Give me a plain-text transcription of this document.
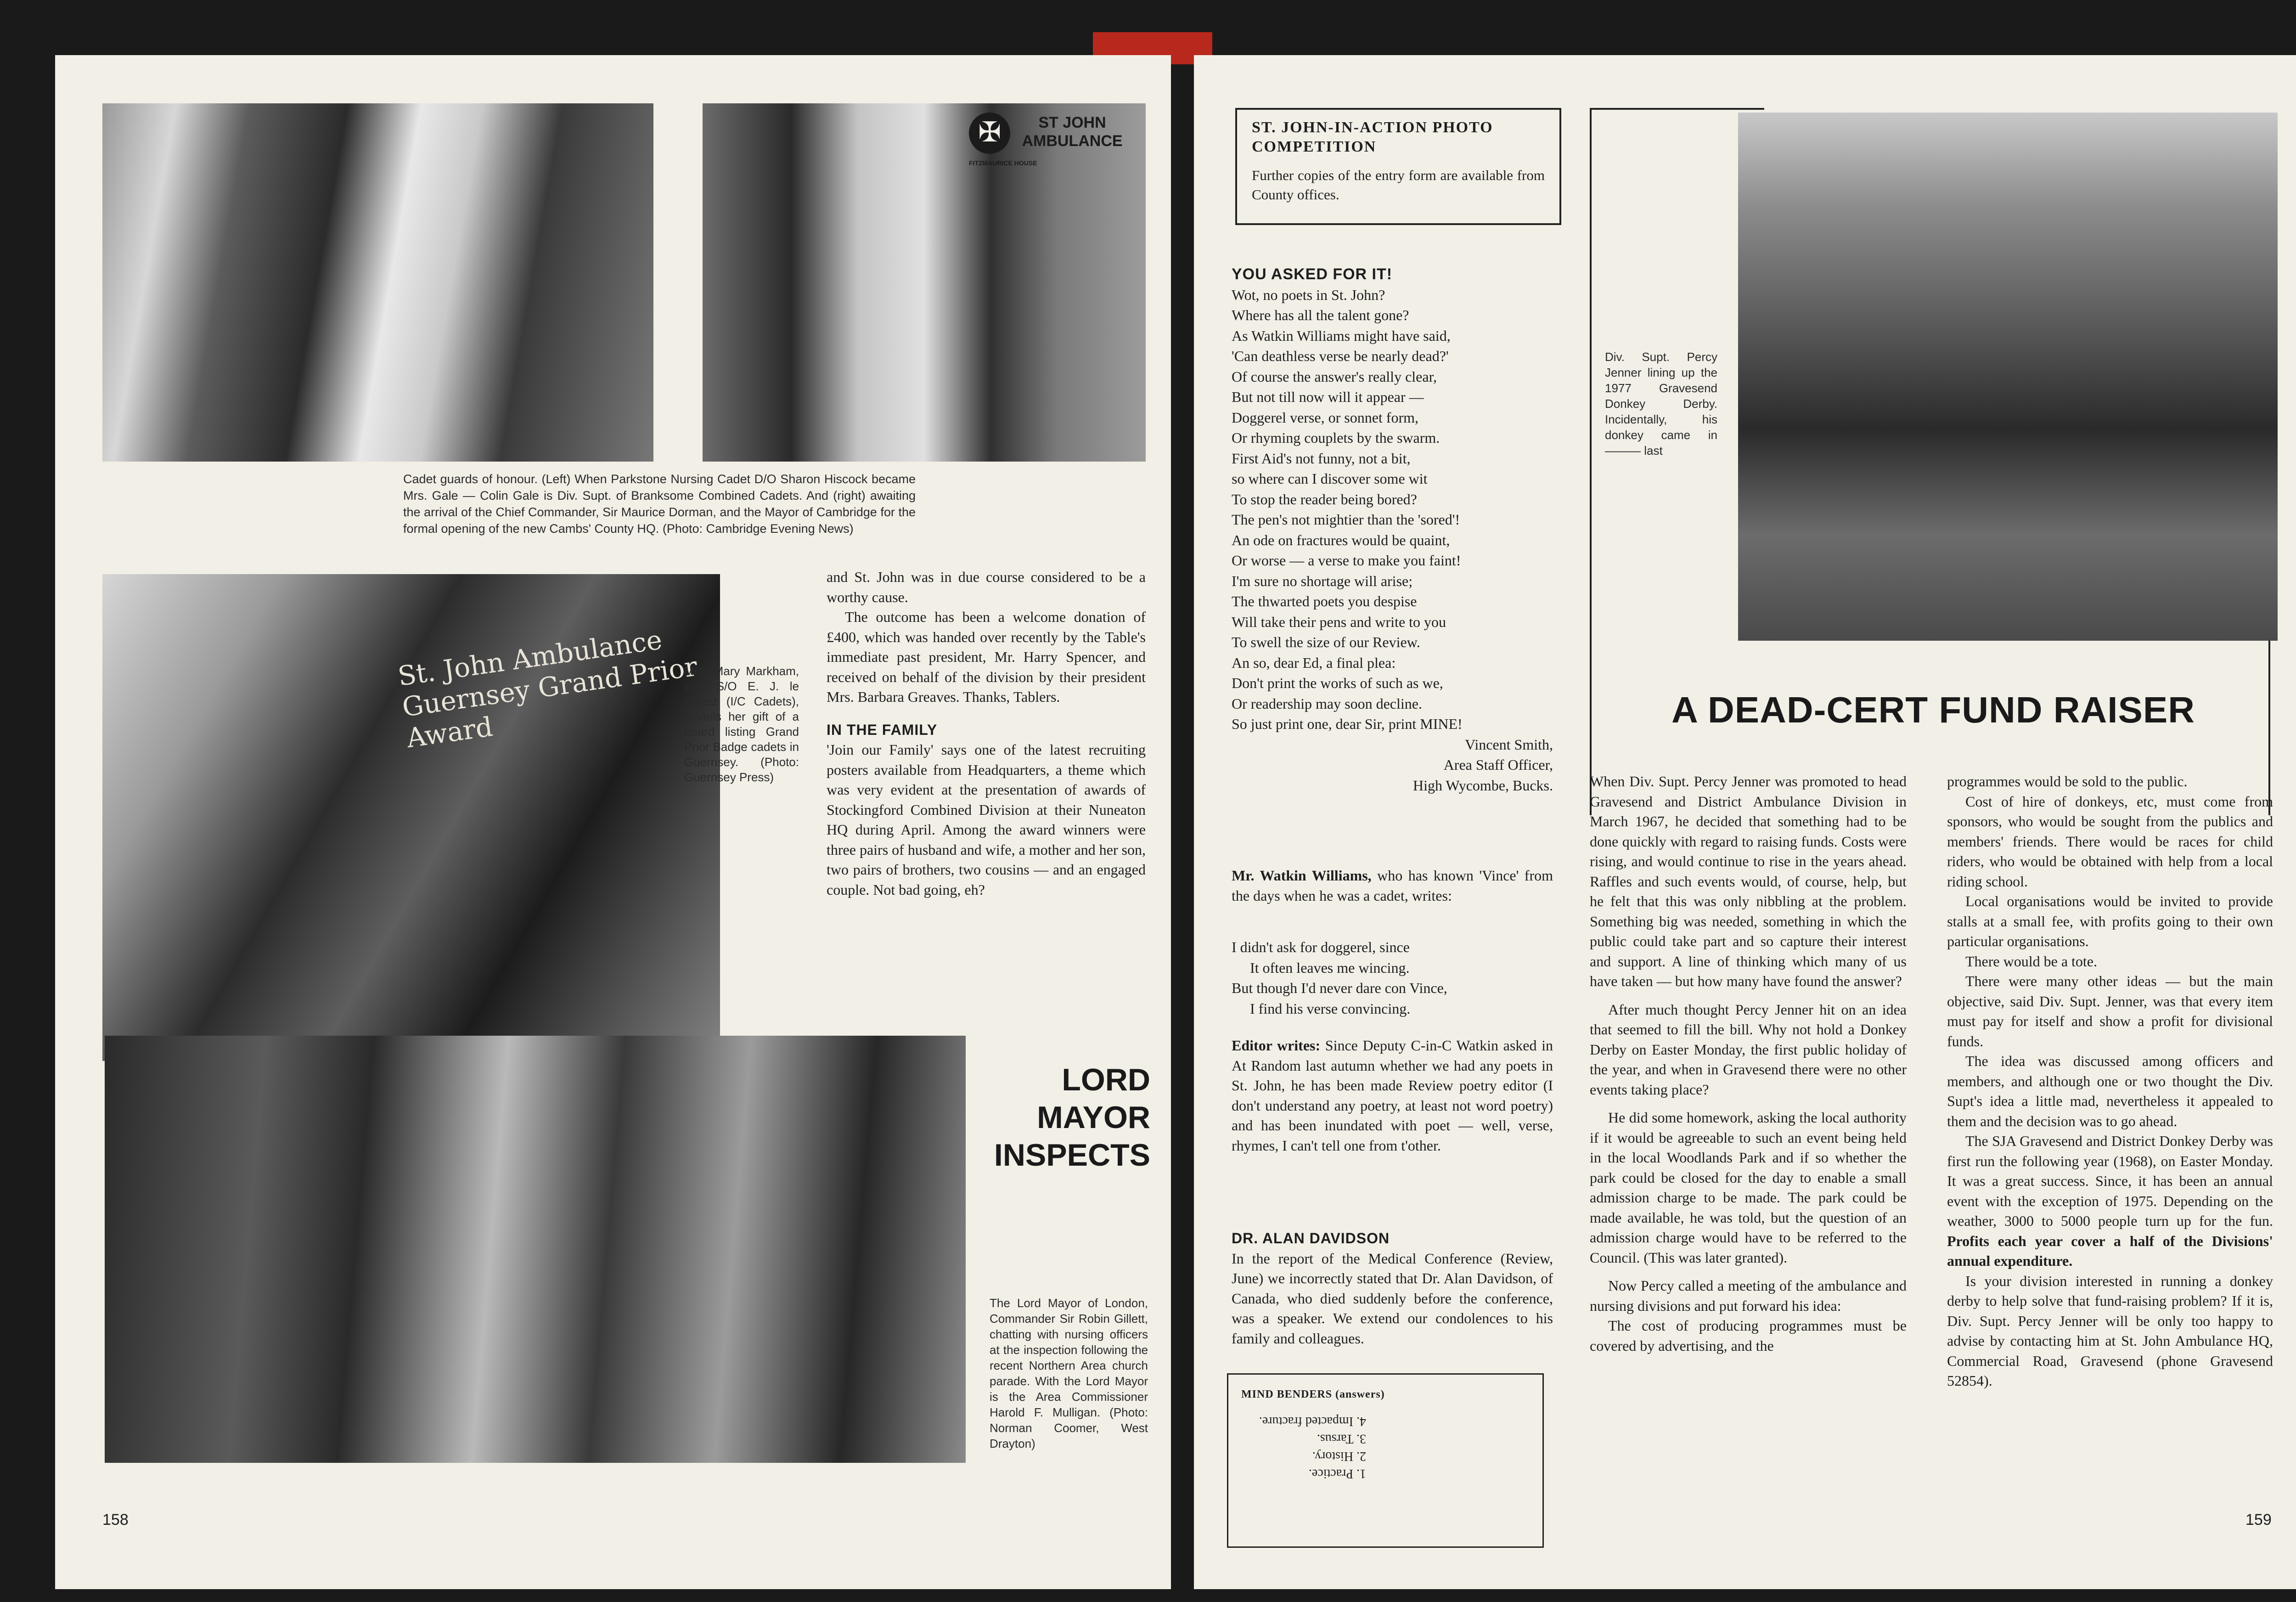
✠	ST JOHN
AMBULANCE
FITZMAURICE HOUSE
Cadet guards of honour. (Left) When Parkstone Nursing Cadet D/O Sharon Hiscock became Mrs. Gale — Colin Gale is Div. Supt. of Branksome Combined Cadets. And (right) awaiting the arrival of the Chief Commander, Sir Maurice Dorman, and the Mayor of Cambridge for the formal opening of the new Cambs' County HQ. (Photo: Cambridge Evening News)
St. John Ambulance Guernsey Grand Prior Award
Mrs. Mary Markham, with S/O E. J. le Gallez (I/C Cadets), unveils her gift of a board listing Grand Prior Badge cadets in Guernsey. (Photo: Guernsey Press)

and St. John was in due course considered to be a worthy cause.

The outcome has been a welcome donation of £400, which was handed over recently by the Table's immediate past president, Mr. Harry Spencer, and received on behalf of the division by their president Mrs. Barbara Greaves. Thanks, Tablers.

IN THE FAMILY

'Join our Family' says one of the latest recruiting posters available from Headquarters, a theme which was very evident at the presentation of awards of Stockingford Combined Division at their Nuneaton HQ during April. Among the award winners were three pairs of husband and wife, a mother and her son, two pairs of brothers, two cousins — and an engaged couple. Not bad going, eh?

LORD
MAYOR
INSPECTS
The Lord Mayor of London, Commander Sir Robin Gillett, chatting with nursing officers at the inspection following the recent Northern Area church parade. With the Lord Mayor is the Area Commissioner Harold F. Mulligan. (Photo: Norman Coomer, West Drayton)
158
ST. JOHN-IN-ACTION PHOTO COMPETITION
Further copies of the entry form are available from County offices.
YOU ASKED FOR IT!
Wot, no poets in St. John?
Where has all the talent gone?
As Watkin Williams might have said,
'Can deathless verse be nearly dead?'
Of course the answer's really clear,
But not till now will it appear —
Doggerel verse, or sonnet form,
Or rhyming couplets by the swarm.
First Aid's not funny, not a bit,
so where can I discover some wit
To stop the reader being bored?
The pen's not mightier than the 'sored'!
An ode on fractures would be quaint,
Or worse — a verse to make you faint!
I'm sure no shortage will arise;
The thwarted poets you despise
Will take their pens and write to you
To swell the size of our Review.
An so, dear Ed, a final plea:
Don't print the works of such as we,
Or readership may soon decline.
So just print one, dear Sir, print MINE!
Vincent Smith,
Area Staff Officer,
High Wycombe, Bucks.

Mr. Watkin Williams, who has known 'Vince' from the days when he was a cadet, writes:

I didn't ask for doggerel, since
It often leaves me wincing.
But though I'd never dare con Vince,
I find his verse convincing.

Editor writes: Since Deputy C-in-C Watkin asked in At Random last autumn whether we had any poets in St. John, he has been made Review poetry editor (I don't understand any poetry, at least not word poetry) and has been inundated with poet — well, verse, rhymes, I can't tell one from t'other.

DR. ALAN DAVIDSON

In the report of the Medical Conference (Review, June) we incorrectly stated that Dr. Alan Davidson, of Canada, who died suddenly before the conference, was a speaker. We extend our condolences to his family and colleagues.

MIND BENDERS (answers)
1. Practice.
2. History.
3. Tarsus.
4. Impacted fracture.
Div. Supt. Percy Jenner lining up the 1977 Gravesend Donkey Derby. Incidentally, his donkey came in ——— last
A DEAD-CERT FUND RAISER

When Div. Supt. Percy Jenner was promoted to head Gravesend and District Ambulance Division in March 1967, he decided that something had to be done quickly with regard to raising funds. Costs were rising, and would continue to rise in the years ahead. Raffles and such events would, of course, help, but he felt that this was only nibbling at the problem. Something big was needed, something in which the public could take part and so capture their interest and support. A line of thinking which many of us have taken — but how many have found the answer?

After much thought Percy Jenner hit on an idea that seemed to fill the bill. Why not hold a Donkey Derby on Easter Monday, the first public holiday of the year, and when in Gravesend there were no other events taking place?

He did some homework, asking the local authority if it would be agreeable to such an event being held in the local Woodlands Park and if so whether the park could be closed for the day to enable a small admission charge to be made. The park could be made available, he was told, but the question of an admission charge would have to be referred to the Council. (This was later granted).

Now Percy called a meeting of the ambulance and nursing divisions and put forward his idea:

The cost of producing programmes must be covered by advertising, and the

programmes would be sold to the public.

Cost of hire of donkeys, etc, must come from sponsors, who would be sought from the publics and members' friends. There would be races for child riders, who would be obtained with help from a local riding school.

Local organisations would be invited to provide stalls at a small fee, with profits going to their own particular organisations.

There would be a tote.

There were many other ideas — but the main objective, said Div. Supt. Jenner, was that every item must pay for itself and show a profit for divisional funds.

The idea was discussed among officers and members, and although one or two thought the Div. Supt's idea a little mad, nevertheless it appealed to them and the decision was to go ahead.

The SJA Gravesend and District Donkey Derby was first run the following year (1968), on Easter Monday. It was a great success. Since, it has been an annual event with the exception of 1975. Depending on the weather, 3000 to 5000 people turn up for the fun. Profits each year cover a half of the Divisions' annual expenditure.

Is your division interested in running a donkey derby to help solve that fund-raising problem? If it is, Div. Supt. Percy Jenner will be only too happy to advise by contacting him at St. John Ambulance HQ, Commercial Road, Gravesend (phone Gravesend 52854).

159
